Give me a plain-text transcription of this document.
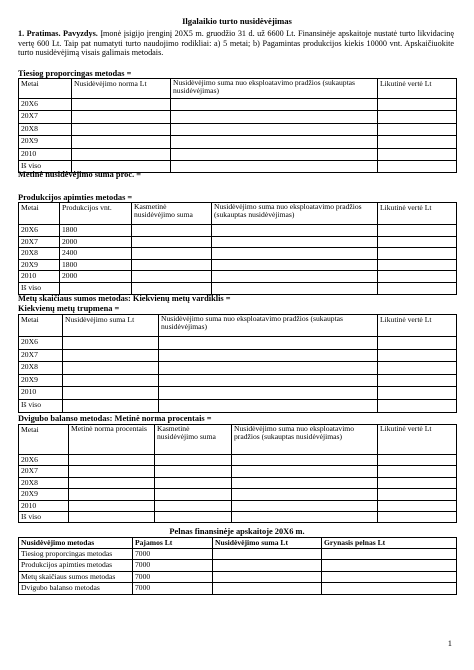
Ilgalaikio turto nusidėvėjimas
1. Pratimas. Pavyzdys. Įmonė įsigijo įrenginį 20X5 m. gruodžio 31 d. už 6600 Lt. Finansinėje apskaitoje nustatė turto likvidacinę vertę 600 Lt. Taip pat numatyti turto naudojimo rodikliai: a) 5 metai; b) Pagamintas produkcijos kiekis 10000 vnt. Apskaičiuokite turto nusidėvėjimą visais galimais metodais.
Tiesiog proporcingas metodas =
Metai	Nusidėvėjimo norma Lt	Nusidėvėjimo suma nuo eksploatavimo pradžios (sukauptas nusidėvėjimas)	Likutinė vertė Lt
20X6			
20X7			
20X8			
20X9			
2010			
Iš viso			
Metinė nusidėvėjimo suma proc. =
Produkcijos apimties metodas =
Metai	Produkcijos vnt.	Kasmetinė nusidėvėjimo suma	Nusidėvėjimo suma nuo eksploatavimo pradžios (sukauptas nusidėvėjimas)	Likutinė vertė Lt
20X6	1800			
20X7	2000			
20X8	2400			
20X9	1800			
2010	2000			
Iš viso				
Metų skaičiaus sumos metodas: Kiekvienų metų vardiklis =
Kiekvienų metų trupmena =
Metai	Nusidėvėjimo suma Lt	Nusidėvėjimo suma nuo eksploatavimo pradžios (sukauptas nusidėvėjimas)	Likutinė vertė Lt
20X6			
20X7			
20X8			
20X9			
2010			
Iš viso			
Dvigubo balanso metodas: Metinė norma procentais =
Metai	Metinė norma procentais	Kasmetinė nusidėvėjimo suma	Nusidėvėjimo suma nuo eksploatavimo pradžios (sukauptas nusidėvėjimas)	Likutinė vertė Lt
20X6				
20X7				
20X8				
20X9				
2010				
Iš viso				
Pelnas finansinėje apskaitoje 20X6 m.
Nusidėvėjimo metodas	Pajamos Lt	Nusidėvėjimo suma Lt	Grynasis pelnas Lt
Tiesiog proporcingas metodas	7000		
Produkcijos apimties metodas	7000		
Metų skaičiaus sumos metodas	7000		
Dvigubo balanso metodas	7000		
1
